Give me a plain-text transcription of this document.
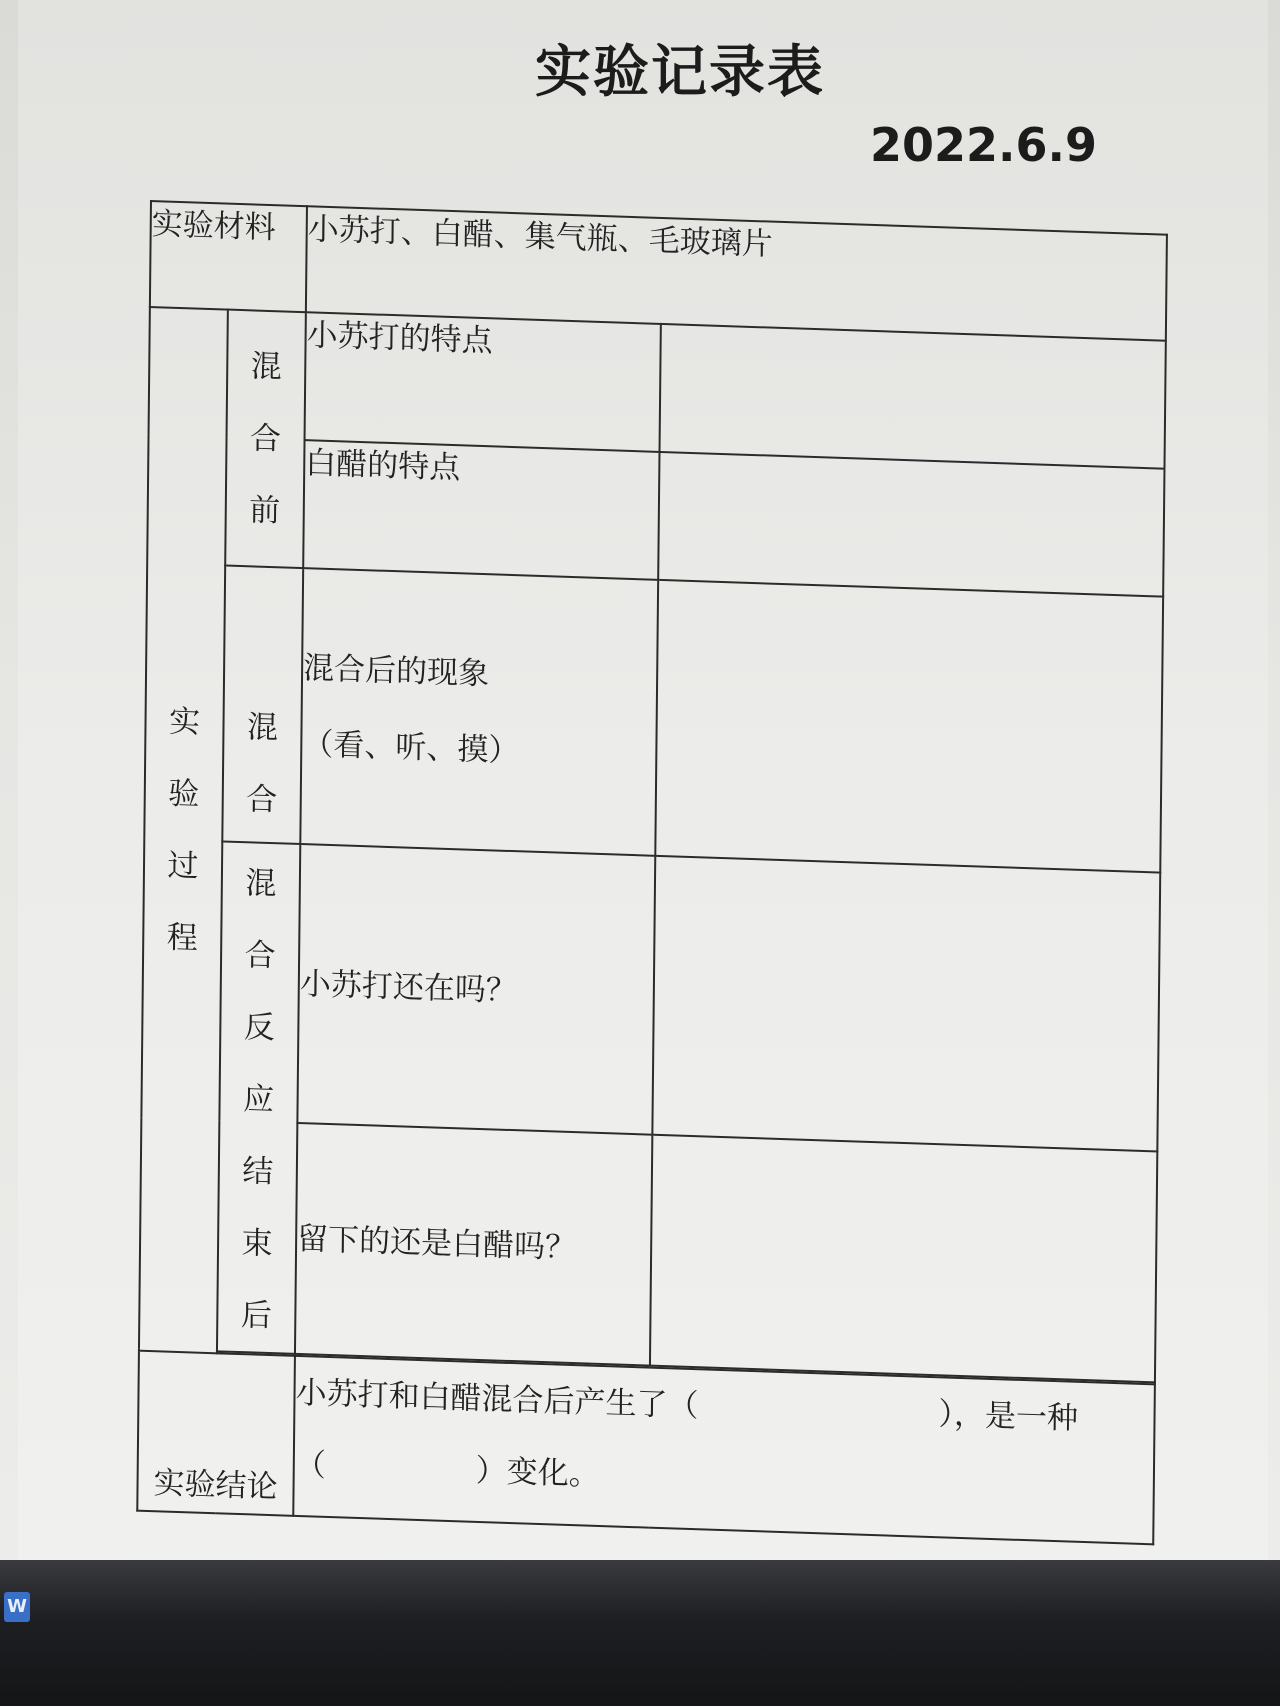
实验记录表
2022.6.9
实验材料		小苏打、白醋、集气瓶、毛玻璃片	
实验过程	混合前	小苏打的特点	
		白醋的特点	
	混合	混合后的现象
（看、听、摸）	

	混合反应结束后	小苏打还在吗？	
		留下的还是白醋吗？	

实验结论		小苏打和白醋混合后产生了（ ），是一种
（ ）变化。	
W
